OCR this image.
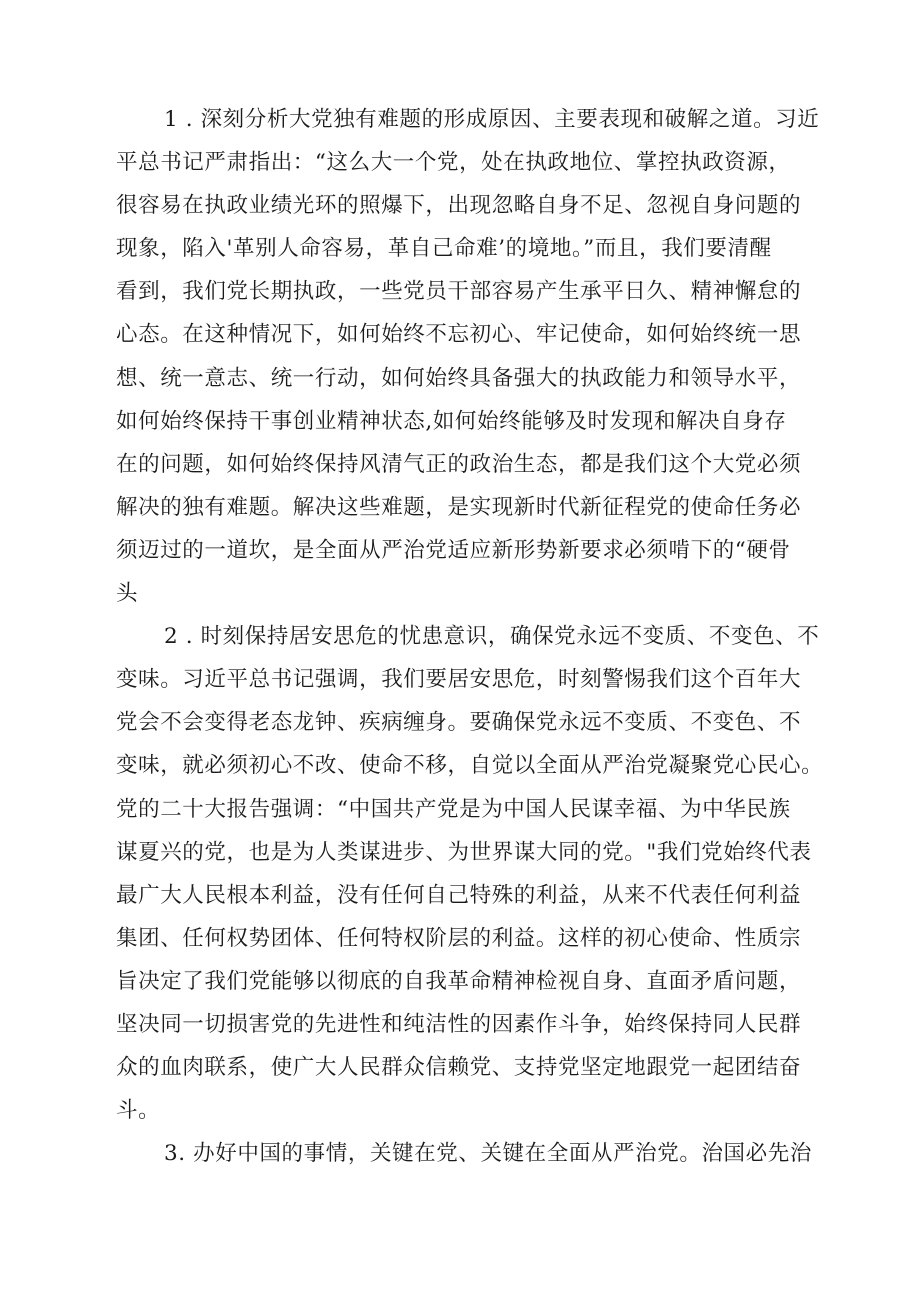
1 . 深刻分析大党独有难题的形成原因、主要表现和破解之道。习近
平总书记严肃指出：“这么大一个党，处在执政地位、掌控执政资源，
很容易在执政业绩光环的照爆下，出现忽略自身不足、忽视自身问题的
现象，陷入'革别人命容易，革自己命难’的境地。”而且，我们要清醒
看到，我们党长期执政，一些党员干部容易产生承平日久、精神懈怠的
心态。在这种情况下，如何始终不忘初心、牢记使命，如何始终统一思
想、统一意志、统一行动，如何始终具备强大的执政能力和领导水平，
如何始终保持干事创业精神状态,如何始终能够及时发现和解决自身存
在的问题，如何始终保持风清气正的政治生态，都是我们这个大党必须
解决的独有难题。解决这些难题，是实现新时代新征程党的使命任务必
须迈过的一道坎，是全面从严治党适应新形势新要求必须啃下的“硬骨
头
2 . 时刻保持居安思危的忧患意识，确保党永远不变质、不变色、不
变味。习近平总书记强调，我们要居安思危，时刻警惕我们这个百年大
党会不会变得老态龙钟、疾病缠身。要确保党永远不变质、不变色、不
变味，就必须初心不改、使命不移，自觉以全面从严治党凝聚党心民心。
党的二十大报告强调：“中国共产党是为中国人民谋幸福、为中华民族
谋夏兴的党，也是为人类谋进步、为世界谋大同的党。"我们党始终代表
最广大人民根本利益，没有任何自己特殊的利益，从来不代表任何利益
集团、任何权势团体、任何特权阶层的利益。这样的初心使命、性质宗
旨决定了我们党能够以彻底的自我革命精神检视自身、直面矛盾问题，
坚决同一切损害党的先进性和纯洁性的因素作斗争，始终保持同人民群
众的血肉联系，使广大人民群众信赖党、支持党坚定地跟党一起团结奋
斗。
3. 办好中国的事情，关键在党、关键在全面从严治党。治国必先治
